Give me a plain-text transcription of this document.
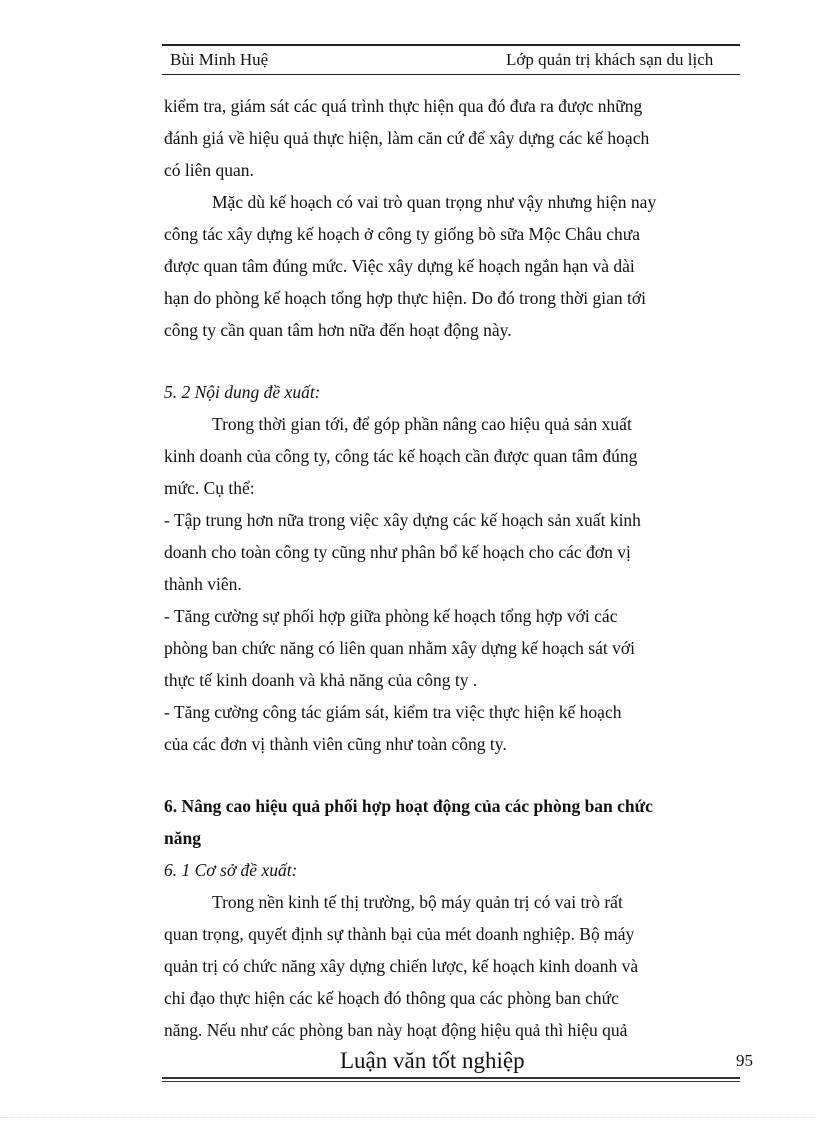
Bùi Minh Huệ	Lớp quản trị khách sạn du lịch
kiểm tra, giám sát các quá trình thực hiện qua đó đưa ra được những
đánh giá về hiệu quả thực hiện, làm căn cứ để xây dựng các kế hoạch
có liên quan.
Mặc dù kế hoạch có vai trò quan trọng như vậy nhưng hiện nay
công tác xây dựng kế hoạch ở công ty giống bò sữa Mộc Châu chưa
được quan tâm đúng mức. Việc xây dựng kế hoạch ngắn hạn và dài
hạn do phòng kế hoạch tổng hợp thực hiện. Do đó trong thời gian tới
công ty cần quan tâm hơn nữa đến hoạt động này.
5. 2 Nội dung đề xuất:
Trong thời gian tới, để góp phần nâng cao hiệu quả sản xuất
kinh doanh của công ty, công tác kế hoạch cần được quan tâm đúng
mức. Cụ thể:
- Tập trung hơn nữa trong việc xây dựng các kế hoạch sản xuất kinh
doanh cho toàn công ty cũng như phân bổ kế hoạch cho các đơn vị
thành viên.
- Tăng cường sự phối hợp giữa phòng kế hoạch tổng hợp với các
phòng ban chức năng có liên quan nhằm xây dựng kế hoạch sát với
thực tế kinh doanh và khả năng của công ty .
- Tăng cường công tác giám sát, kiểm tra việc thực hiện kế hoạch
của các đơn vị thành viên cũng như toàn công ty.
6. Nâng cao hiệu quả phối hợp hoạt động của các phòng ban chức
năng
6. 1 Cơ sở đề xuất:
Trong nền kinh tế thị trường, bộ máy quản trị có vai trò rất
quan trọng, quyết định sự thành bại của mét doanh nghiệp. Bộ máy
quản trị có chức năng xây dựng chiến lược, kế hoạch kinh doanh và
chỉ đạo thực hiện các kế hoạch đó thông qua các phòng ban chức
năng. Nếu như các phòng ban này hoạt động hiệu quả thì hiệu quả
Luận văn tốt nghiệp	95
